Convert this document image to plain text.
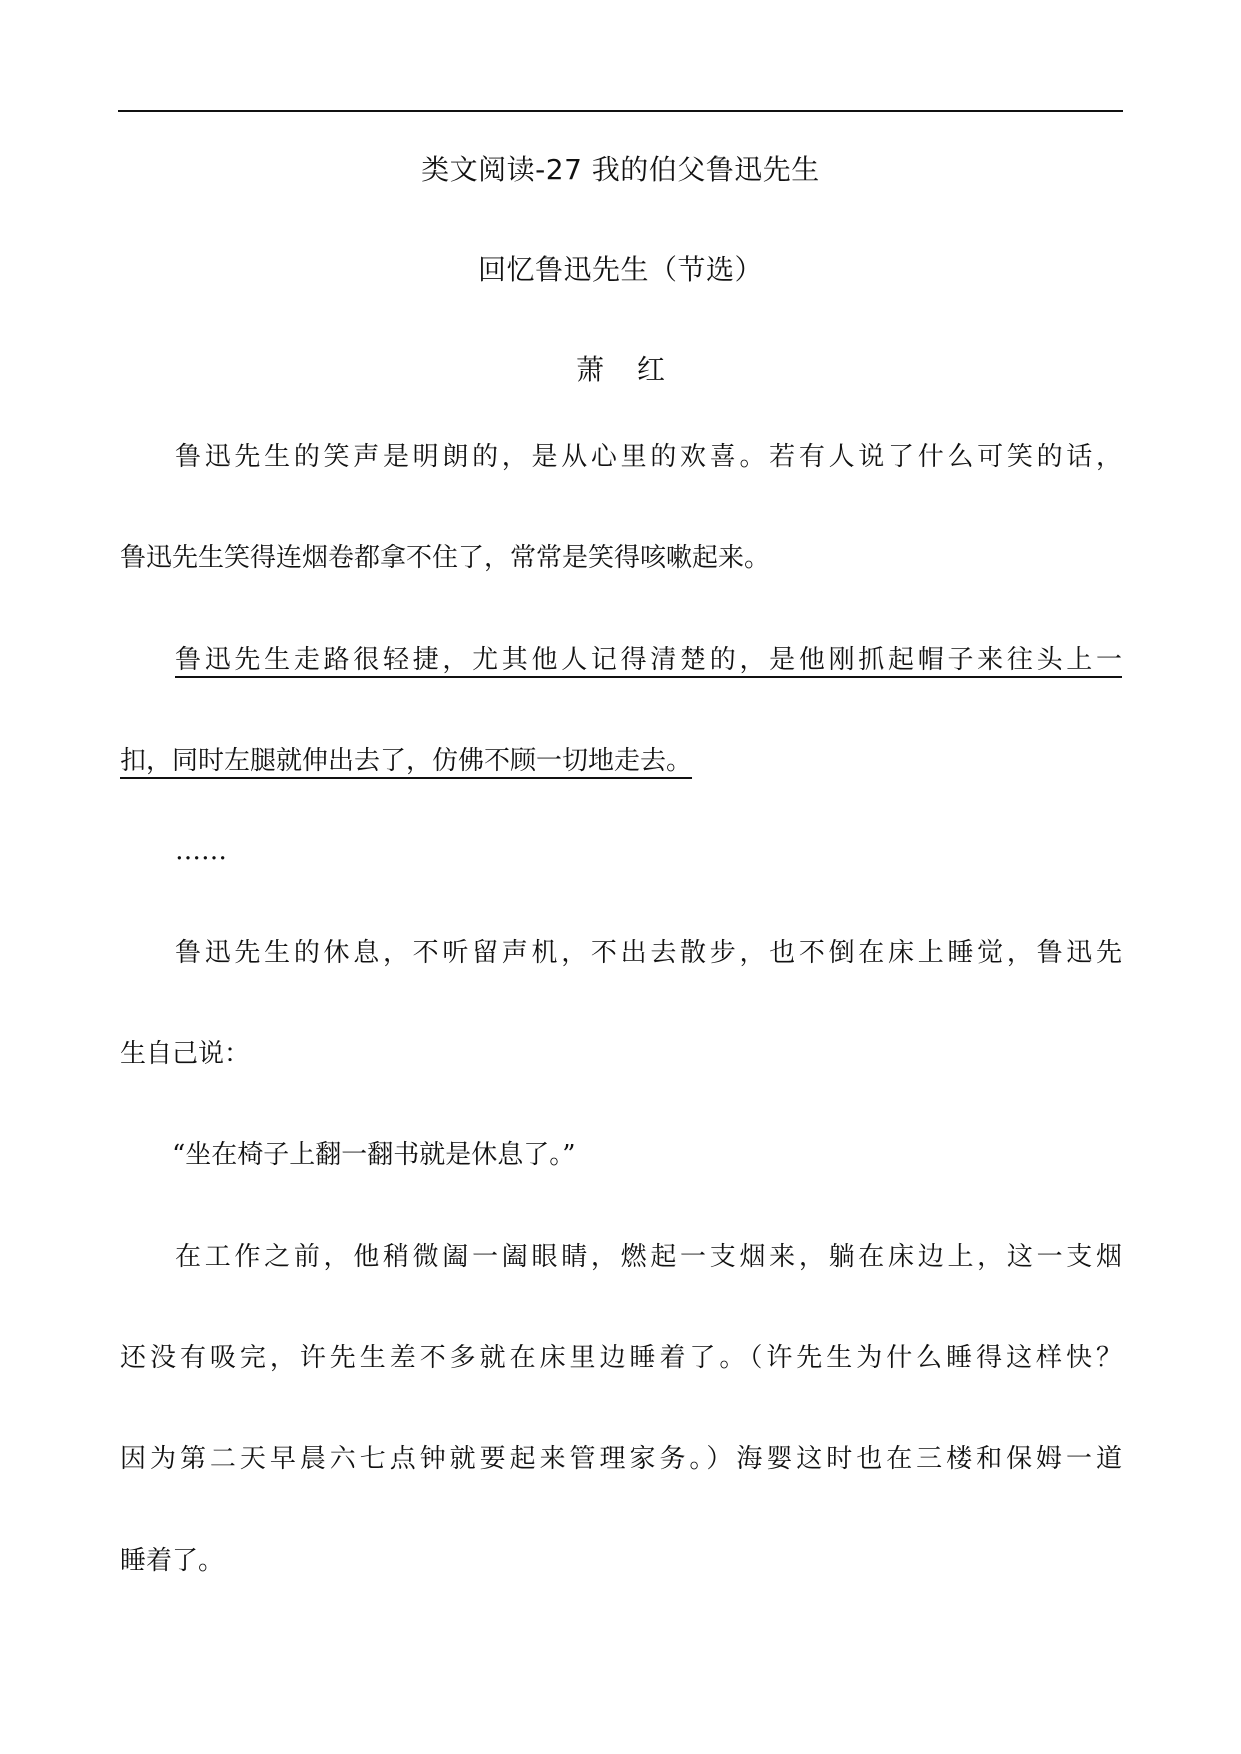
类文阅读-27 我的伯父鲁迅先生
回忆鲁迅先生（节选）
萧 红
鲁迅先生的笑声是明朗的，是从心里的欢喜。若有人说了什么可笑的话，
鲁迅先生笑得连烟卷都拿不住了，常常是笑得咳嗽起来。
鲁迅先生走路很轻捷，尤其他人记得清楚的，是他刚抓起帽子来往头上一
扣，同时左腿就伸出去了，仿佛不顾一切地走去。
……
鲁迅先生的休息，不听留声机，不出去散步，也不倒在床上睡觉，鲁迅先
生自己说：
“坐在椅子上翻一翻书就是休息了。”
在工作之前，他稍微阖一阖眼睛，燃起一支烟来，躺在床边上，这一支烟
还没有吸完，许先生差不多就在床里边睡着了。（许先生为什么睡得这样快？
因为第二天早晨六七点钟就要起来管理家务。）海婴这时也在三楼和保姆一道
睡着了。
